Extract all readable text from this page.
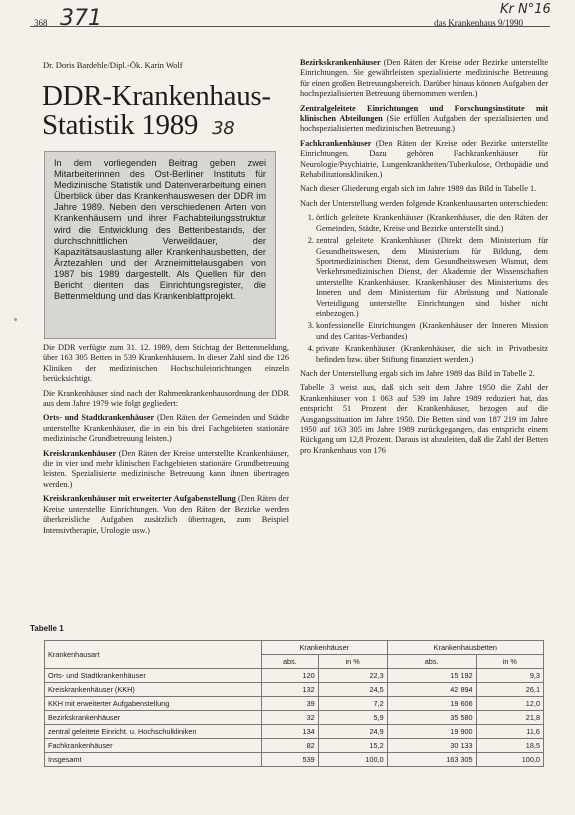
368 371	das Krankenhaus 9/1990
Kr N°16
Dr. Doris Bardehle/Dipl.-Ök. Karin Wolf
DDR-Krankenhaus-
Statistik 1989 38
In dem vorliegenden Beitrag geben zwei Mitarbeiterinnen des Ost-Berliner Instituts für Medizinische Statistik und Datenverarbeitung einen Überblick über das Krankenhauswesen der DDR im Jahre 1989. Neben den verschiedenen Arten von Krankenhäusern und ihrer Fachabteilungsstruktur wird die Entwicklung des Bettenbestands, der durchschnittlichen Verweildauer, der Kapazitätsauslastung aller Krankenhausbetten, der Ärztezahlen und der Arzneimittelausgaben von 1987 bis 1989 dargestellt. Als Quellen für den Bericht dienten das Einrichtungsregister, die Bettenmeldung und das Krankenblattprojekt.

Die DDR verfügte zum 31. 12. 1989, dem Stichtag der Bettenmeldung, über 163 305 Betten in 539 Krankenhäusern. In dieser Zahl sind die 126 Kliniken der medizinischen Hochschuleinrichtungen einzeln berücksichtigt.

Die Krankenhäuser sind nach der Rahmenkrankenhausordnung der DDR aus dem Jahre 1979 wie folgt gegliedert:

Orts- und Stadtkrankenhäuser (Den Räten der Gemeinden und Städte unterstellte Krankenhäuser, die in ein bis drei Fachgebieten stationäre medizinische Grundbetreuung leisten.)

Kreiskrankenhäuser (Den Räten der Kreise unterstellte Krankenhäuser, die in vier und mehr klinischen Fachgebieten stationäre Grundbetreuung leisten. Spezialisierte medizinische Betreuung kann ihnen übertragen werden.)

Kreiskrankenhäuser mit erweiterter Aufgabenstellung (Den Räten der Kreise unterstellte Einrichtungen. Von den Räten der Bezirke werden überkreisliche Aufgaben zusätzlich übertragen, zum Beispiel Intensivtherapie, Urologie usw.)

Bezirkskrankenhäuser (Den Räten der Kreise oder Bezirke unterstellte Einrichtungen. Sie gewährleisten spezialisierte medizinische Betreuung für einen großen Betreuungsbereich. Darüber hinaus können Aufgaben der hochspezialisierten Betreuung übernommen werden.)

Zentralgeleitete Einrichtungen und Forschungsinstitute mit klinischen Abteilungen (Sie erfüllen Aufgaben der spezialisierten und hochspezialisierten medizinischen Betreuung.)

Fachkrankenhäuser (Den Räten der Kreise oder Bezirke unterstellte Einrichtungen. Dazu gehören Fachkrankenhäuser für Neurologie/Psychiatrie, Lungenkrankheiten/Tuberkulose, Orthopädie und Rehabilitationskliniken.)

Nach dieser Gliederung ergab sich im Jahre 1989 das Bild in Tabelle 1.

Nach der Unterstellung werden folgende Krankenhausarten unterschieden:

1. örtlich geleitete Krankenhäuser (Krankenhäuser, die den Räten der Gemeinden, Städte, Kreise und Bezirke unterstellt sind.)
2. zentral geleitete Krankenhäuser (Direkt dem Ministerium für Gesundheitswesen, dem Ministerium für Bildung, dem Sportmedizinischen Dienst, dem Gesundheitswesen Wismut, dem Verkehrsmedizinischen Dienst, der Akademie der Wissenschaften unterstellte Krankenhäuser. Krankenhäuser des Ministeriums des Inneren und dem Ministerium für Abrüstung und Nationale Verteidigung unterstellte Einrichtungen sind bisher nicht einbezogen.)
3. konfessionelle Einrichtungen (Krankenhäuser der Inneren Mission und des Caritas-Verbandes)
4. private Krankenhäuser (Krankenhäuser, die sich in Privatbesitz befinden bzw. über Stiftung finanziert werden.)

Nach der Unterstellung ergab sich im Jahre 1989 das Bild in Tabelle 2.

Tabelle 3 weist aus, daß sich seit dem Jahre 1950 die Zahl der Krankenhäuser von 1 063 auf 539 im Jahre 1989 reduziert hat, das entspricht 51 Prozent der Krankenhäuser, bezogen auf die Ausgangssituation im Jahre 1950. Die Betten sind von 187 219 im Jahre 1950 auf 163 305 im Jahre 1989 zurückgegangen, das entspricht einem Rückgang um 12,8 Prozent. Daraus ist abzuleiten, daß die Zahl der Betten pro Krankenhaus von 176

Tabelle 1
Krankenhausart	Krankenhäuser		Krankenhausbetten	
	abs.	in %	abs.	in %
Orts- und Stadtkrankenhäuser	120	22,3	15 192	9,3
Kreiskrankenhäuser (KKH)	132	24,5	42 894	26,1
KKH mit erweiterter Aufgabenstellung	39	7,2	19 606	12,0
Bezirkskrankenhäuser	32	5,9	35 580	21,8
zentral geleitete Einricht. u. Hochschulkliniken	134	24,9	19 900	11,6
Fachkrankenhäuser	82	15,2	30 133	18,5
Insgesamt	539	100,0	163 305	100,0
